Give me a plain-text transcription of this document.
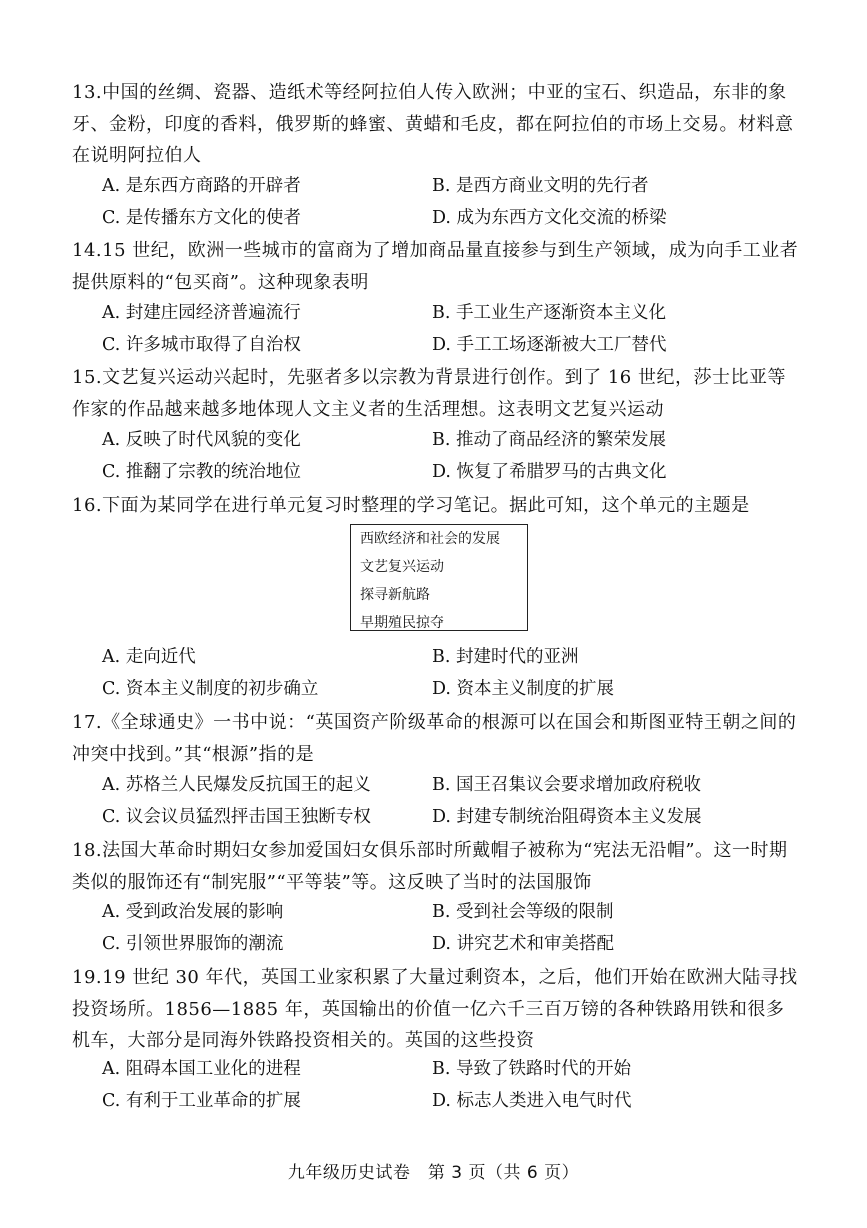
13.中国的丝绸、瓷器、造纸术等经阿拉伯人传入欧洲；中亚的宝石、织造品，东非的象牙、金粉，印度的香料，俄罗斯的蜂蜜、黄蜡和毛皮，都在阿拉伯的市场上交易。材料意在说明阿拉伯人
A. 是东西方商路的开辟者	B. 是西方商业文明的先行者
C. 是传播东方文化的使者	D. 成为东西方文化交流的桥梁
14.15 世纪，欧洲一些城市的富商为了增加商品量直接参与到生产领域，成为向手工业者提供原料的“包买商”。这种现象表明
A. 封建庄园经济普遍流行	B. 手工业生产逐渐资本主义化
C. 许多城市取得了自治权	D. 手工工场逐渐被大工厂替代
15.文艺复兴运动兴起时，先驱者多以宗教为背景进行创作。到了 16 世纪，莎士比亚等作家的作品越来越多地体现人文主义者的生活理想。这表明文艺复兴运动
A. 反映了时代风貌的变化	B. 推动了商品经济的繁荣发展
C. 推翻了宗教的统治地位	D. 恢复了希腊罗马的古典文化
16.下面为某同学在进行单元复习时整理的学习笔记。据此可知，这个单元的主题是
西欧经济和社会的发展
文艺复兴运动
探寻新航路
早期殖民掠夺
A. 走向近代	B. 封建时代的亚洲
C. 资本主义制度的初步确立	D. 资本主义制度的扩展
17.《全球通史》一书中说：“英国资产阶级革命的根源可以在国会和斯图亚特王朝之间的冲突中找到。”其“根源”指的是
A. 苏格兰人民爆发反抗国王的起义	B. 国王召集议会要求增加政府税收
C. 议会议员猛烈抨击国王独断专权	D. 封建专制统治阻碍资本主义发展
18.法国大革命时期妇女参加爱国妇女俱乐部时所戴帽子被称为“宪法无沿帽”。这一时期类似的服饰还有“制宪服”“平等装”等。这反映了当时的法国服饰
A. 受到政治发展的影响	B. 受到社会等级的限制
C. 引领世界服饰的潮流	D. 讲究艺术和审美搭配
19.19 世纪 30 年代，英国工业家积累了大量过剩资本，之后，他们开始在欧洲大陆寻找投资场所。1856—1885 年，英国输出的价值一亿六千三百万镑的各种铁路用铁和很多机车，大部分是同海外铁路投资相关的。英国的这些投资
A. 阻碍本国工业化的进程	B. 导致了铁路时代的开始
C. 有利于工业革命的扩展	D. 标志人类进入电气时代
九年级历史试卷　第 3 页（共 6 页）
